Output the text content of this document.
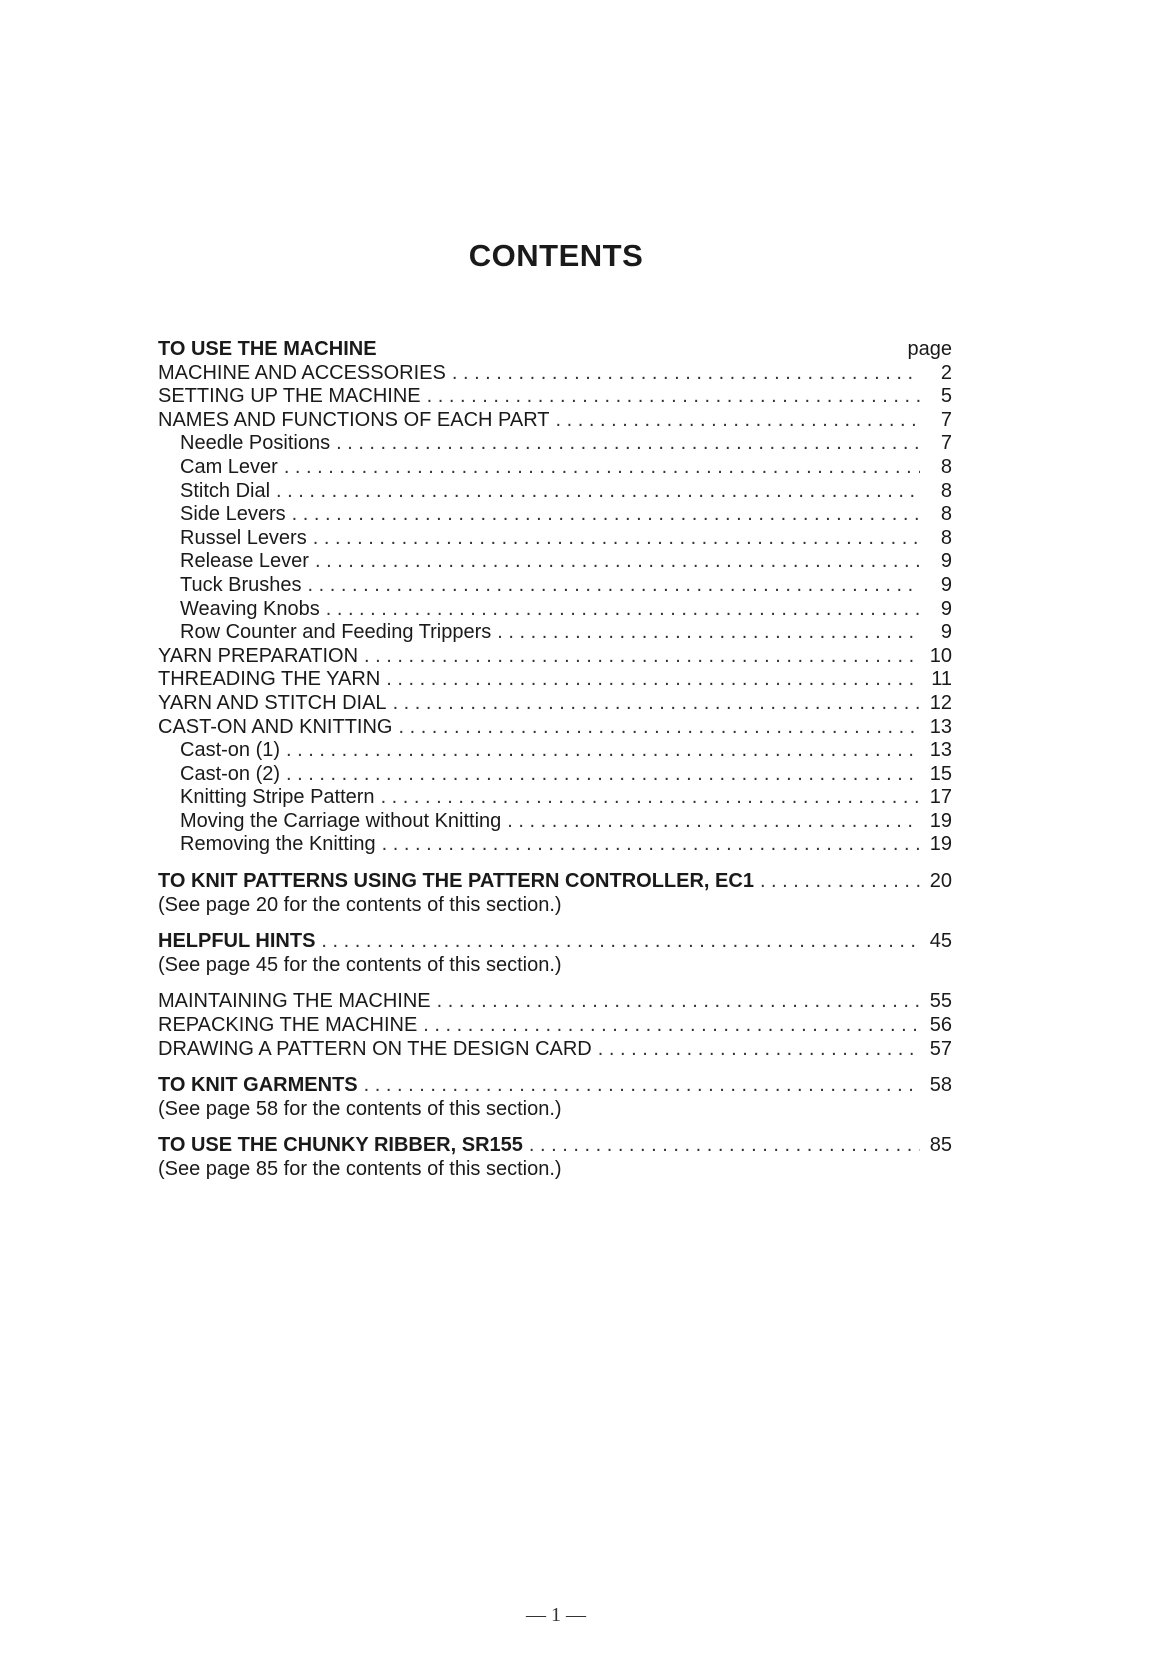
CONTENTS
TO USE THE MACHINE	page
MACHINE AND ACCESSORIES . . .	2
SETTING UP THE MACHINE . . .	5
NAMES AND FUNCTIONS OF EACH PART . . .	7
Needle Positions . . .	7
Cam Lever . . .	8
Stitch Dial . . .	8
Side Levers . . .	8
Russel Levers . . .	8
Release Lever . . .	9
Tuck Brushes . . .	9
Weaving Knobs . . .	9
Row Counter and Feeding Trippers . . .	9
YARN PREPARATION . . .	10
THREADING THE YARN . . .	11
YARN AND STITCH DIAL . . .	12
CAST-ON AND KNITTING . . .	13
Cast-on (1) . . .	13
Cast-on (2) . . .	15
Knitting Stripe Pattern . . .	17
Moving the Carriage without Knitting . . .	19
Removing the Knitting . . .	19
TO KNIT PATTERNS USING THE PATTERN CONTROLLER, EC1 . . .	20
(See page 20 for the contents of this section.)
HELPFUL HINTS . . .	45
(See page 45 for the contents of this section.)
MAINTAINING THE MACHINE . . .	55
REPACKING THE MACHINE . . .	56
DRAWING A PATTERN ON THE DESIGN CARD . . .	57
TO KNIT GARMENTS . . .	58
(See page 58 for the contents of this section.)
TO USE THE CHUNKY RIBBER, SR155 . . .	85
(See page 85 for the contents of this section.)
— 1 —
